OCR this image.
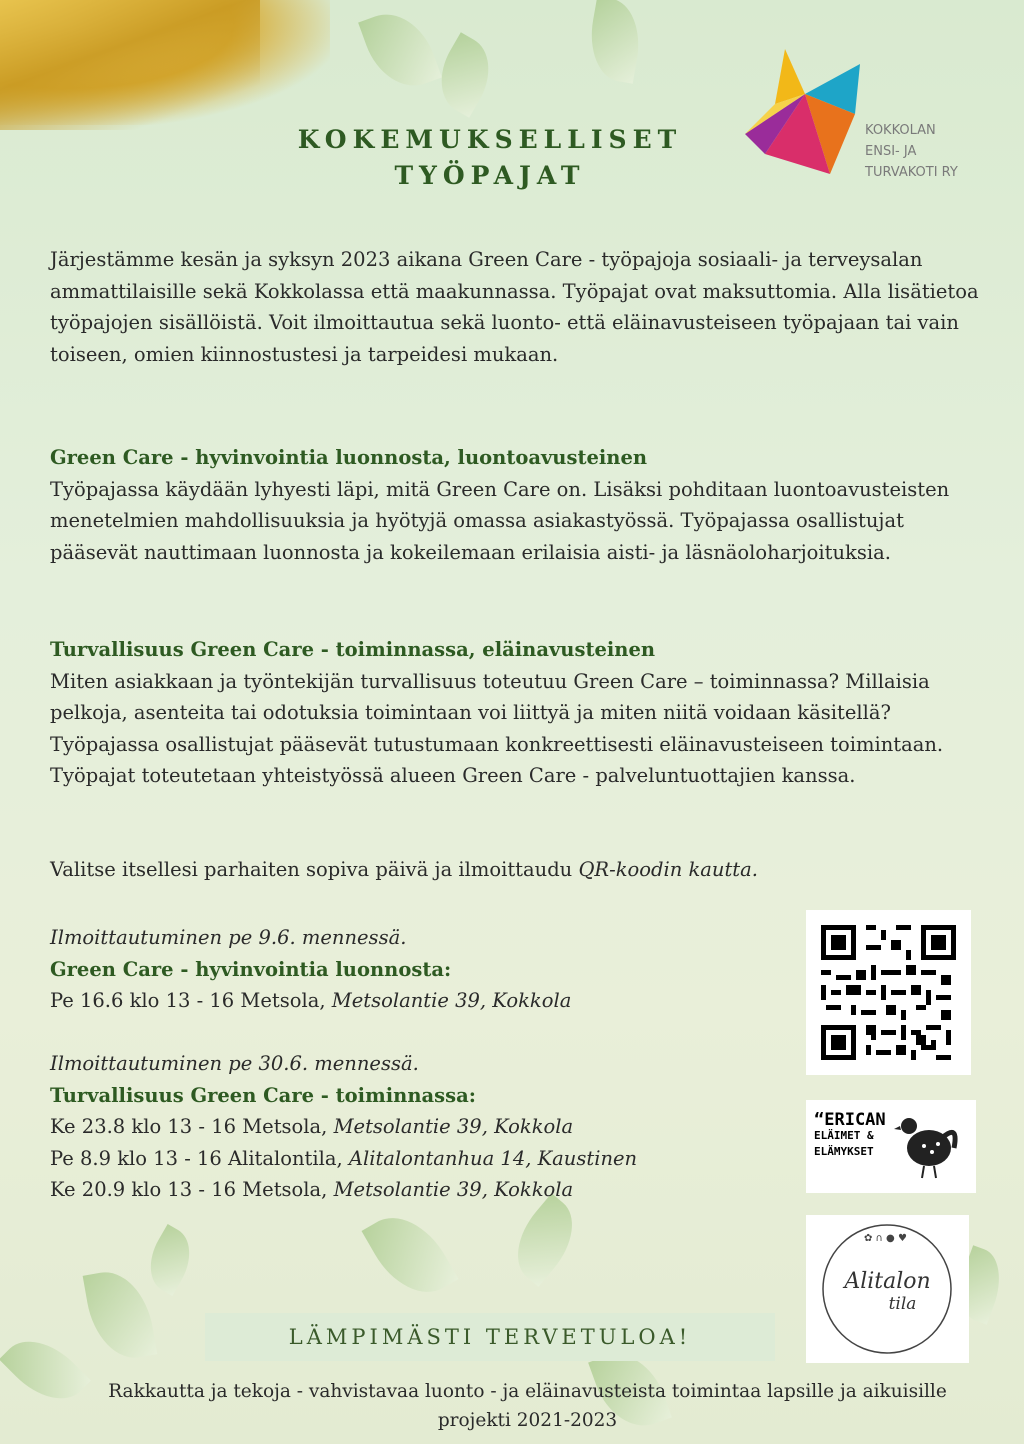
KOKEMUKSELLISET
TYÖPAJAT
KOKKOLAN
ENSI- JA
TURVAKOTI RY
Järjestämme kesän ja syksyn 2023 aikana Green Care - työpajoja sosiaali- ja terveysalan ammattilaisille sekä Kokkolassa että maakunnassa. Työpajat ovat maksuttomia. Alla lisätietoa työpajojen sisällöistä. Voit ilmoittautua sekä luonto- että eläinavusteiseen työpajaan tai vain toiseen, omien kiinnostustesi ja tarpeidesi mukaan.
Green Care - hyvinvointia luonnosta, luontoavusteinen
Työpajassa käydään lyhyesti läpi, mitä Green Care on. Lisäksi pohditaan luontoavusteisten menetelmien mahdollisuuksia ja hyötyjä omassa asiakastyössä. Työpajassa osallistujat pääsevät nauttimaan luonnosta ja kokeilemaan erilaisia aisti- ja läsnäoloharjoituksia.
Turvallisuus Green Care - toiminnassa, eläinavusteinen
Miten asiakkaan ja työntekijän turvallisuus toteutuu Green Care – toiminnassa? Millaisia pelkoja, asenteita tai odotuksia toimintaan voi liittyä ja miten niitä voidaan käsitellä? Työpajassa osallistujat pääsevät tutustumaan konkreettisesti eläinavusteiseen toimintaan. Työpajat toteutetaan yhteistyössä alueen Green Care - palveluntuottajien kanssa.
Valitse itsellesi parhaiten sopiva päivä ja ilmoittaudu QR-koodin kautta.
Ilmoittautuminen pe 9.6. mennessä.
Green Care - hyvinvointia luonnosta:
Pe 16.6 klo 13 - 16 Metsola, Metsolantie 39, Kokkola
Ilmoittautuminen pe 30.6. mennessä.
Turvallisuus Green Care - toiminnassa:
Ke 23.8 klo 13 - 16 Metsola, Metsolantie 39, Kokkola
Pe 8.9 klo 13 - 16 Alitalontila, Alitalontanhua 14, Kaustinen
Ke 20.9 klo 13 - 16 Metsola, Metsolantie 39, Kokkola
“ERICAN
ELÄIMET &
ELÄMYKSET
✿ ∩ ● ♥
Alitalon
tila
LÄMPIMÄSTI TERVETULOA!
Rakkautta ja tekoja - vahvistavaa luonto - ja eläinavusteista toimintaa lapsille ja aikuisille
projekti 2021-2023
